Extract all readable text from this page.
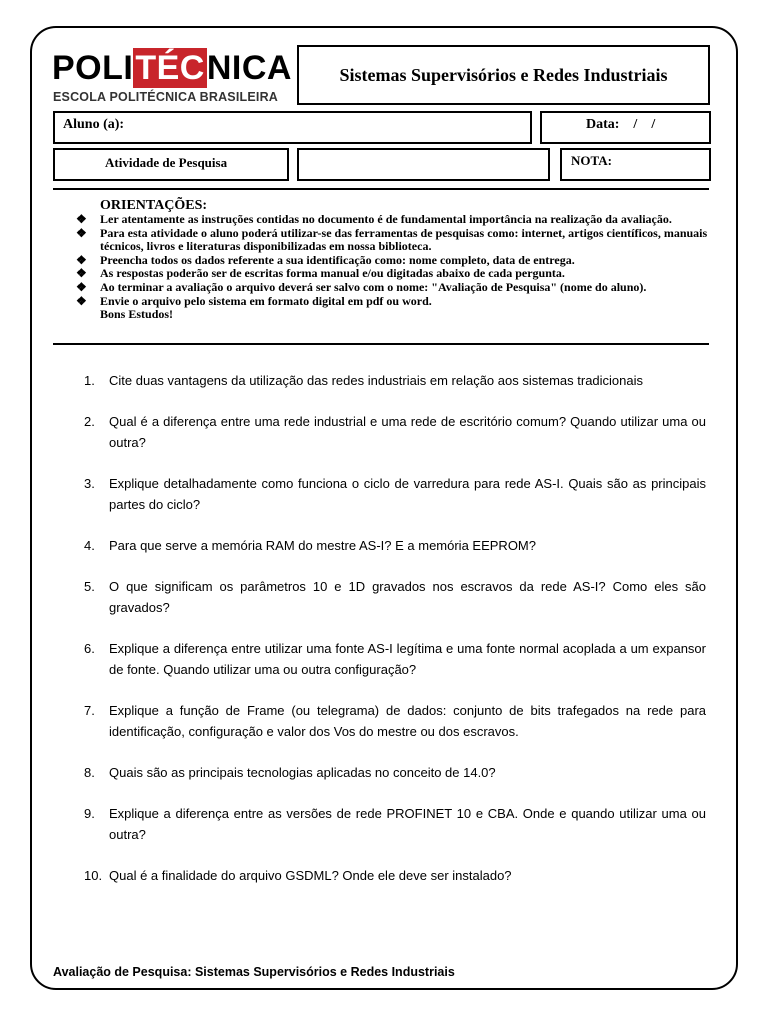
POLITÉCNICA
ESCOLA POLITÉCNICA BRASILEIRA
Sistemas Supervisórios e Redes Industriais
Aluno (a):	Data:    /    /
Atividade de Pesquisa	NOTA:
ORIENTAÇÕES:
❖ Ler atentamente as instruções contidas no documento é de fundamental importância na realização da avaliação.
❖ Para esta atividade o aluno poderá utilizar-se das ferramentas de pesquisas como: internet, artigos científicos, manuais técnicos, livros e literaturas disponibilizadas em nossa biblioteca.
❖ Preencha todos os dados referente a sua identificação como: nome completo, data de entrega.
❖ As respostas poderão ser de escritas forma manual e/ou digitadas abaixo de cada pergunta.
❖ Ao terminar a avaliação o arquivo deverá ser salvo com o nome: "Avaliação de Pesquisa" (nome do aluno).
❖ Envie o arquivo pelo sistema em formato digital em pdf ou word.
Bons Estudos!
1. Cite duas vantagens da utilização das redes industriais em relação aos sistemas tradicionais
2. Qual é a diferença entre uma rede industrial e uma rede de escritório comum? Quando utilizar uma ou outra?
3. Explique detalhadamente como funciona o ciclo de varredura para rede AS-I. Quais são as principais partes do ciclo?
4. Para que serve a memória RAM do mestre AS-I? E a memória EEPROM?
5. O que significam os parâmetros 10 e 1D gravados nos escravos da rede AS-I? Como eles são gravados?
6. Explique a diferença entre utilizar uma fonte AS-I legítima e uma fonte normal acoplada a um expansor de fonte. Quando utilizar uma ou outra configuração?
7. Explique a função de Frame (ou telegrama) de dados: conjunto de bits trafegados na rede para identificação, configuração e valor dos Vos do mestre ou dos escravos.
8. Quais são as principais tecnologias aplicadas no conceito de 14.0?
9. Explique a diferença entre as versões de rede PROFINET 10 e CBA. Onde e quando utilizar uma ou outra?
10. Qual é a finalidade do arquivo GSDML? Onde ele deve ser instalado?
Avaliação de Pesquisa: Sistemas Supervisórios e Redes Industriais
